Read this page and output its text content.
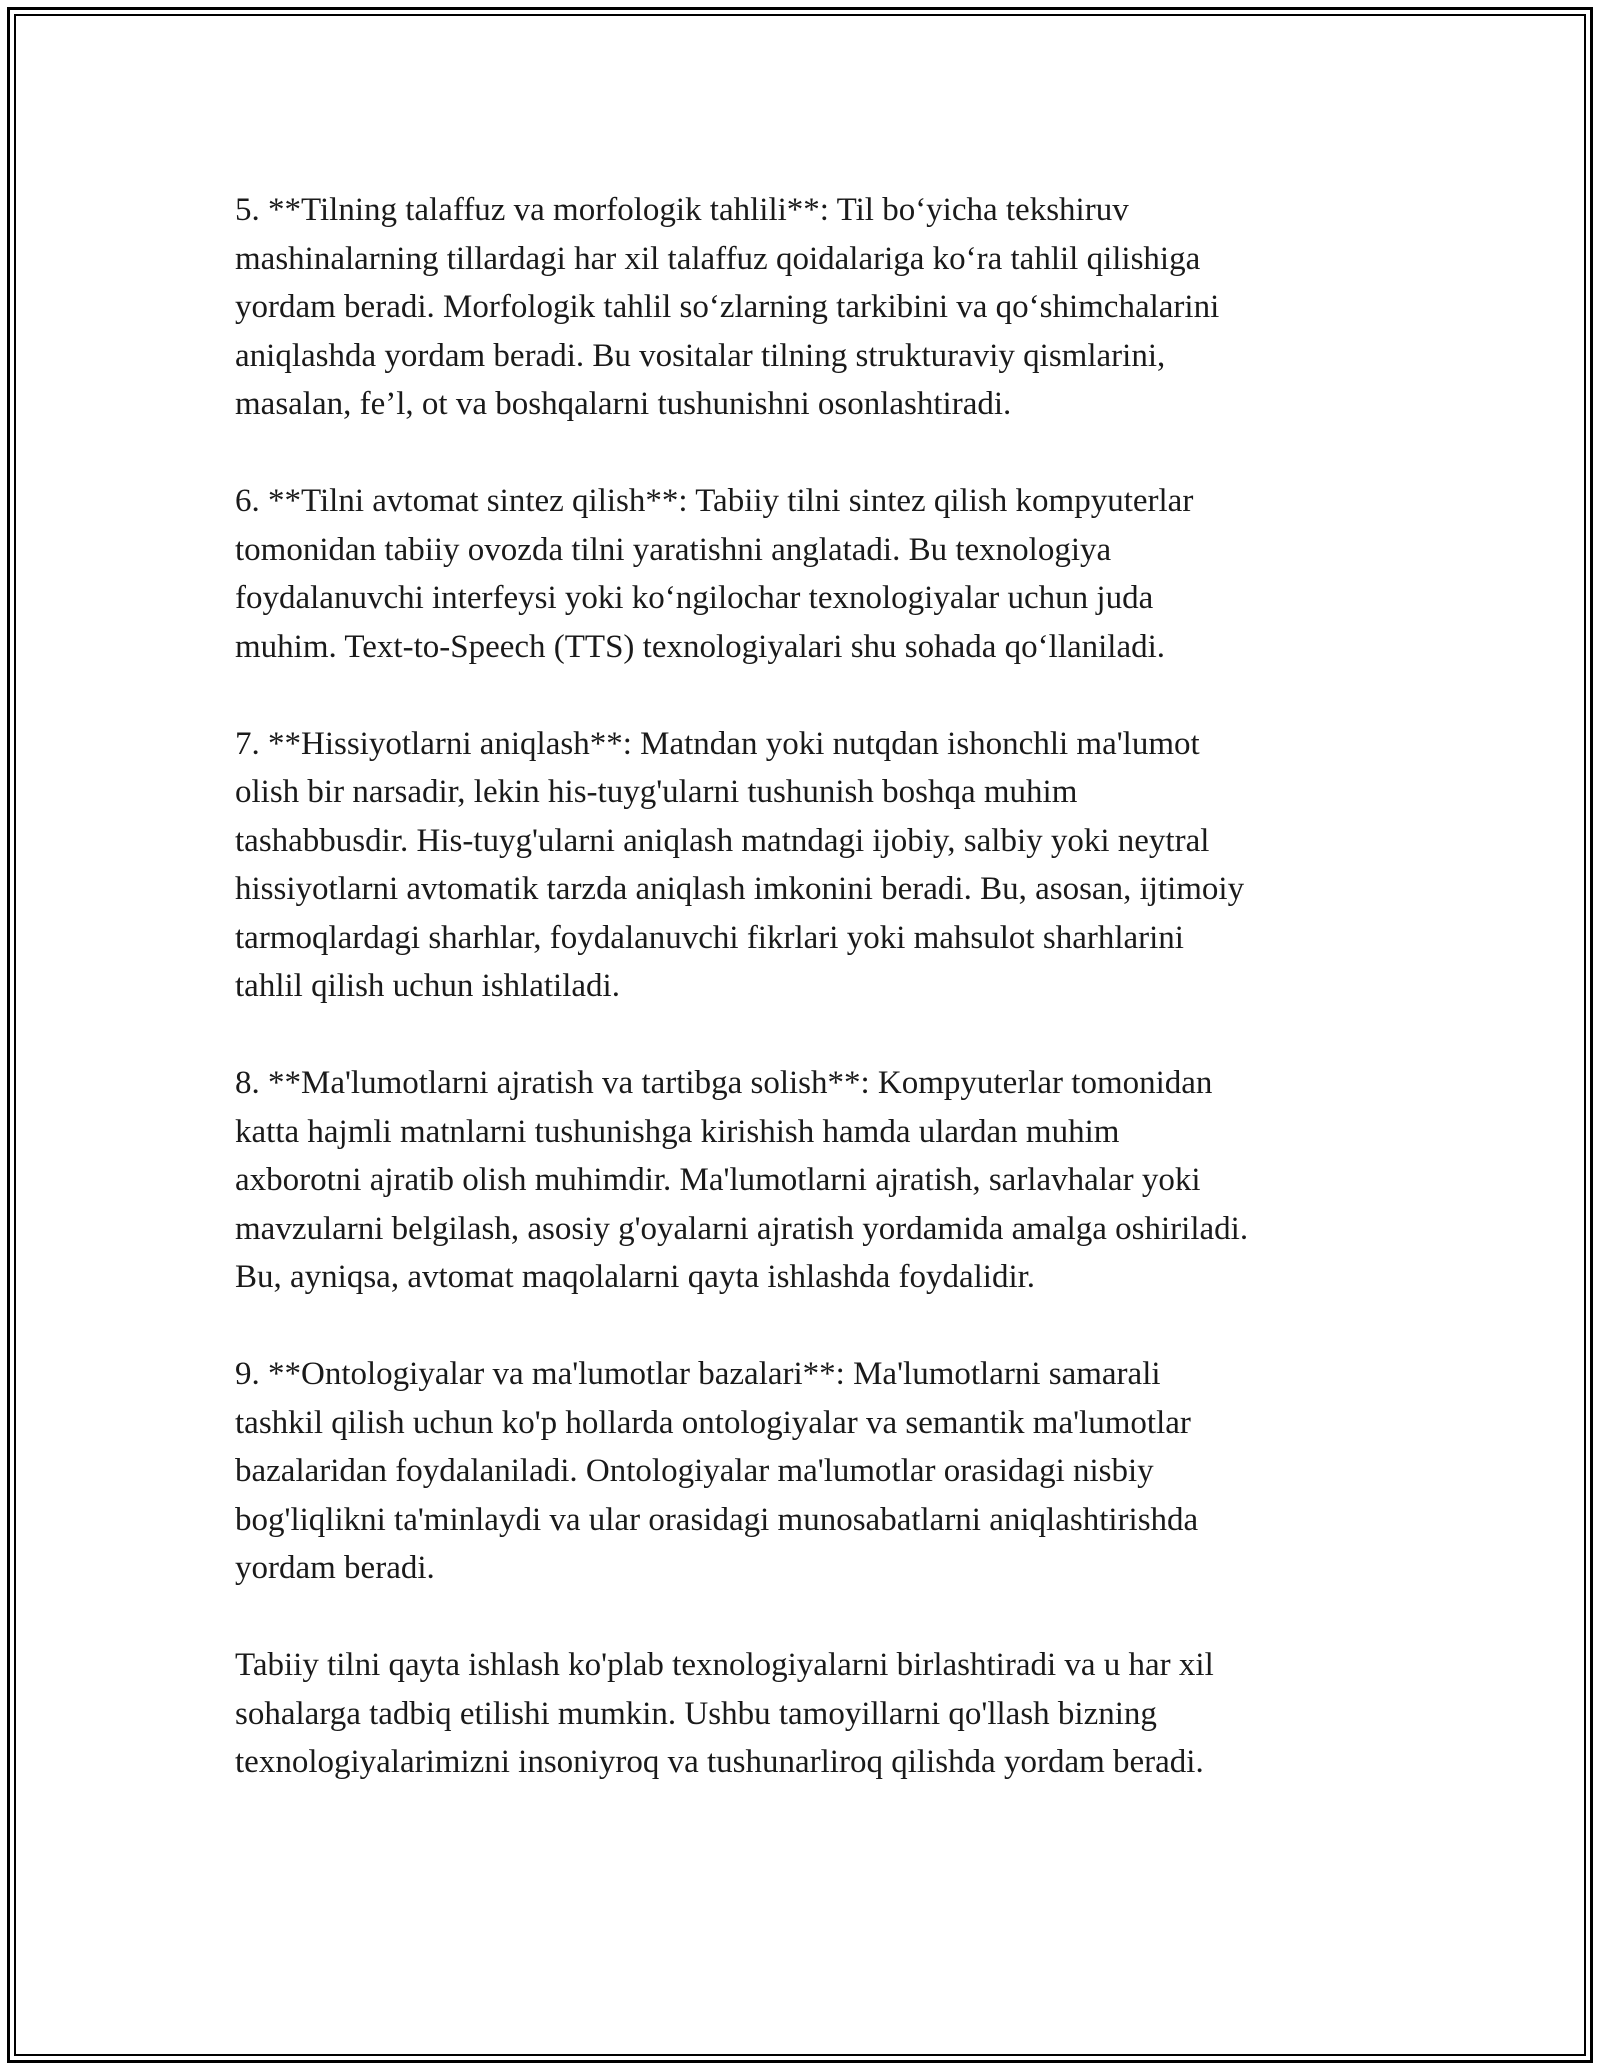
5. **Tilning talaffuz va morfologik tahlili**: Til bo‘yicha tekshiruv
mashinalarning tillardagi har xil talaffuz qoidalariga ko‘ra tahlil qilishiga
yordam beradi. Morfologik tahlil so‘zlarning tarkibini va qo‘shimchalarini
aniqlashda yordam beradi. Bu vositalar tilning strukturaviy qismlarini,
masalan, fe’l, ot va boshqalarni tushunishni osonlashtiradi.

6. **Tilni avtomat sintez qilish**: Tabiiy tilni sintez qilish kompyuterlar
tomonidan tabiiy ovozda tilni yaratishni anglatadi. Bu texnologiya
foydalanuvchi interfeysi yoki ko‘ngilochar texnologiyalar uchun juda
muhim. Text-to-Speech (TTS) texnologiyalari shu sohada qo‘llaniladi.

7. **Hissiyotlarni aniqlash**: Matndan yoki nutqdan ishonchli ma'lumot
olish bir narsadir, lekin his-tuyg'ularni tushunish boshqa muhim
tashabbusdir. His-tuyg'ularni aniqlash matndagi ijobiy, salbiy yoki neytral
hissiyotlarni avtomatik tarzda aniqlash imkonini beradi. Bu, asosan, ijtimoiy
tarmoqlardagi sharhlar, foydalanuvchi fikrlari yoki mahsulot sharhlarini
tahlil qilish uchun ishlatiladi.

8. **Ma'lumotlarni ajratish va tartibga solish**: Kompyuterlar tomonidan
katta hajmli matnlarni tushunishga kirishish hamda ulardan muhim
axborotni ajratib olish muhimdir. Ma'lumotlarni ajratish, sarlavhalar yoki
mavzularni belgilash, asosiy g'oyalarni ajratish yordamida amalga oshiriladi.
Bu, ayniqsa, avtomat maqolalarni qayta ishlashda foydalidir.

9. **Ontologiyalar va ma'lumotlar bazalari**: Ma'lumotlarni samarali
tashkil qilish uchun ko'p hollarda ontologiyalar va semantik ma'lumotlar
bazalaridan foydalaniladi. Ontologiyalar ma'lumotlar orasidagi nisbiy
bog'liqlikni ta'minlaydi va ular orasidagi munosabatlarni aniqlashtirishda
yordam beradi.

Tabiiy tilni qayta ishlash ko'plab texnologiyalarni birlashtiradi va u har xil
sohalarga tadbiq etilishi mumkin. Ushbu tamoyillarni qo'llash bizning
texnologiyalarimizni insoniyroq va tushunarliroq qilishda yordam beradi.
